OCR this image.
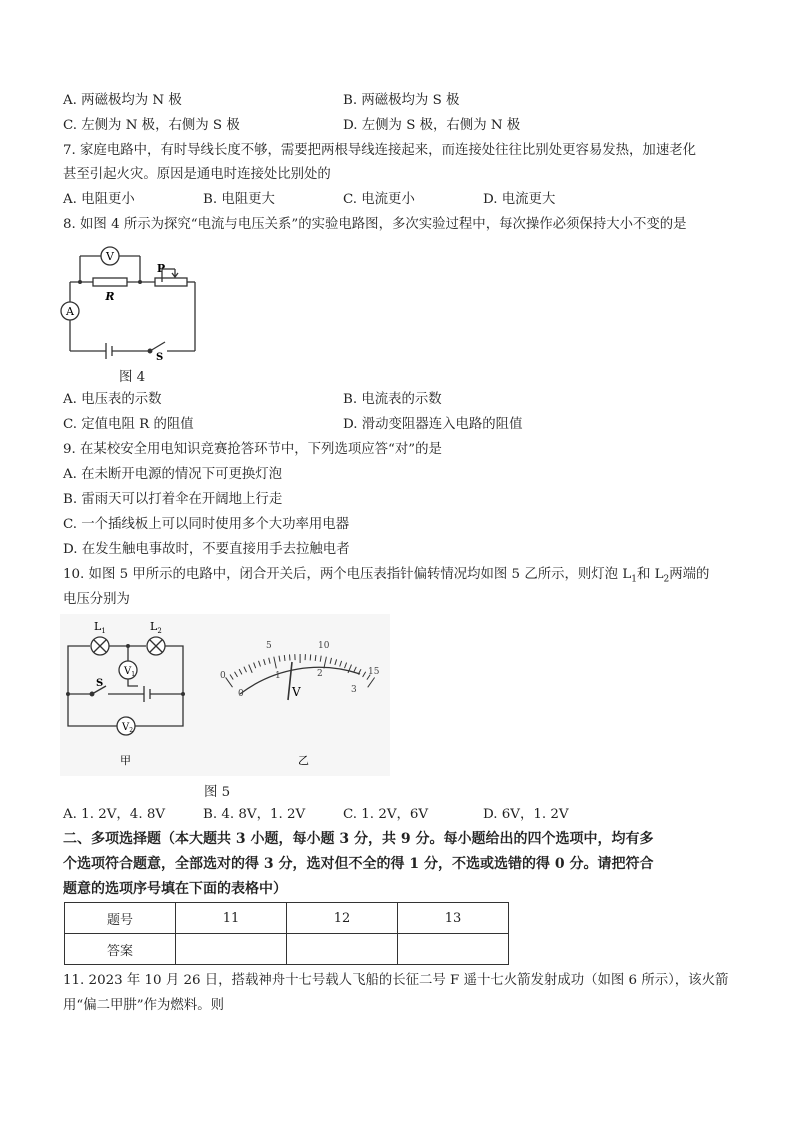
A. 两磁极均为 N 极	B. 两磁极均为 S 极
C. 左侧为 N 极，右侧为 S 极	D. 左侧为 S 极，右侧为 N 极
7. 家庭电路中，有时导线长度不够，需要把两根导线连接起来，而连接处往往比别处更容易发热，加速老化
甚至引起火灾。原因是通电时连接处比别处的
A. 电阻更小	B. 电阻更大	C. 电流更小	D. 电流更大
8. 如图 4 所示为探究“电流与电压关系”的实验电路图，多次实验过程中，每次操作必须保持大小不变的是
V
A
R
P
S
图 4
A. 电压表的示数	B. 电流表的示数
C. 定值电阻 R 的阻值	D. 滑动变阻器连入电路的阻值
9. 在某校安全用电知识竞赛抢答环节中，下列选项应答“对”的是
A. 在未断开电源的情况下可更换灯泡
B. 雷雨天可以打着伞在开阔地上行走
C. 一个插线板上可以同时使用多个大功率用电器
D. 在发生触电事故时，不要直接用手去拉触电者
10. 如图 5 甲所示的电路中，闭合开关后，两个电压表指针偏转情况均如图 5 乙所示，则灯泡 $L_1$和 $L_2$两端的
电压分别为
$L_1$	$L_2$
$V_1$
$V_2$
S
甲
V
0
5	10
15
0
1	2
3
乙
图 5
A. 1. 2V，4. 8V	B. 4. 8V，1. 2V	C. 1. 2V，6V	D. 6V，1. 2V
二、多项选择题（本大题共 3 小题，每小题 3 分，共 9 分。每小题给出的四个选项中，均有多
个选项符合题意，全部选对的得 3 分，选对但不全的得 1 分，不选或选错的得 0 分。请把符合
题意的选项序号填在下面的表格中）
题号	11	12	13
答案			
11. 2023 年 10 月 26 日，搭载神舟十七号载人飞船的长征二号 F 遥十七火箭发射成功（如图 6 所示），该火箭
用“偏二甲肼”作为燃料。则
